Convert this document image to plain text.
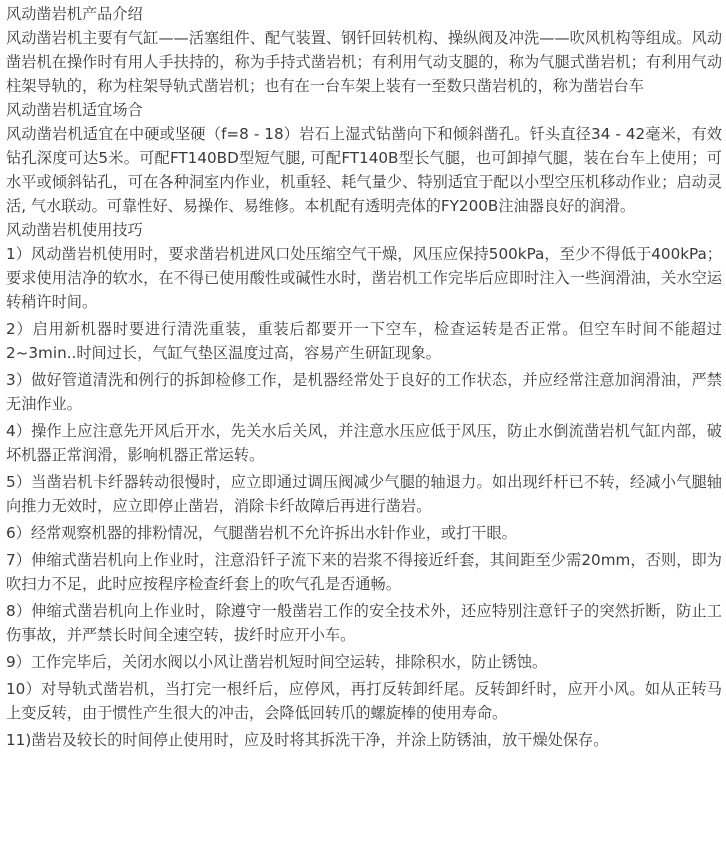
风动凿岩机产品介绍

风动凿岩机主要有气缸——活塞组件、配气装置、钢钎回转机构、操纵阀及冲洗——吹风机构等组成。风动凿岩机在操作时有用人手扶持的，称为手持式凿岩机；有利用气动支腿的，称为气腿式凿岩机；有利用气动柱架导轨的，称为柱架导轨式凿岩机；也有在一台车架上装有一至数只凿岩机的，称为凿岩台车

风动凿岩机适宜场合

风动凿岩机适宜在中硬或坚硬（f=8 - 18）岩石上湿式钻凿向下和倾斜凿孔。钎头直径34 - 42毫米，有效钻孔深度可达5米。可配FT140BD型短气腿, 可配FT140B型长气腿，也可卸掉气腿，装在台车上使用；可水平或倾斜钻孔，可在各种洞室内作业，机重轻、耗气量少、特别适宜于配以小型空压机移动作业；启动灵活, 气水联动。可靠性好、易操作、易维修。本机配有透明壳体的FY200B注油器良好的润滑。

风动凿岩机使用技巧

1）风动凿岩机使用时，要求凿岩机进风口处压缩空气干燥，风压应保持500kPa，至少不得低于400kPa；要求使用洁净的软水，在不得已使用酸性或碱性水时，凿岩机工作完毕后应即时注入一些润滑油，关水空运转稍许时间。

2）启用新机器时要进行清洗重装，重装后都要开一下空车，检查运转是否正常。但空车时间不能超过2~3min..时间过长，气缸气垫区温度过高，容易产生研缸现象。

3）做好管道清洗和例行的拆卸检修工作，是机器经常处于良好的工作状态，并应经常注意加润滑油，严禁无油作业。

4）操作上应注意先开风后开水，先关水后关风，并注意水压应低于风压，防止水倒流凿岩机气缸内部，破坏机器正常润滑，影响机器正常运转。

5）当凿岩机卡纤器转动很慢时，应立即通过调压阀减少气腿的轴退力。如出现纤杆已不转，经减小气腿轴向推力无效时，应立即停止凿岩，消除卡纤故障后再进行凿岩。

6）经常观察机器的排粉情况，气腿凿岩机不允许拆出水针作业，或打干眼。

7）伸缩式凿岩机向上作业时，注意沿钎子流下来的岩浆不得接近纤套，其间距至少需20mm，否则，即为吹扫力不足，此时应按程序检查纤套上的吹气孔是否通畅。

8）伸缩式凿岩机向上作业时，除遵守一般凿岩工作的安全技术外，还应特别注意钎子的突然折断，防止工伤事故，并严禁长时间全速空转，拔纤时应开小车。

9）工作完毕后，关闭水阀以小风让凿岩机短时间空运转，排除积水，防止锈蚀。

10）对导轨式凿岩机，当打完一根纤后，应停风，再打反转卸纤尾。反转卸纤时，应开小风。如从正转马上变反转，由于惯性产生很大的冲击，会降低回转爪的螺旋棒的使用寿命。

11)凿岩及较长的时间停止使用时，应及时将其拆洗干净，并涂上防锈油，放干燥处保存。
